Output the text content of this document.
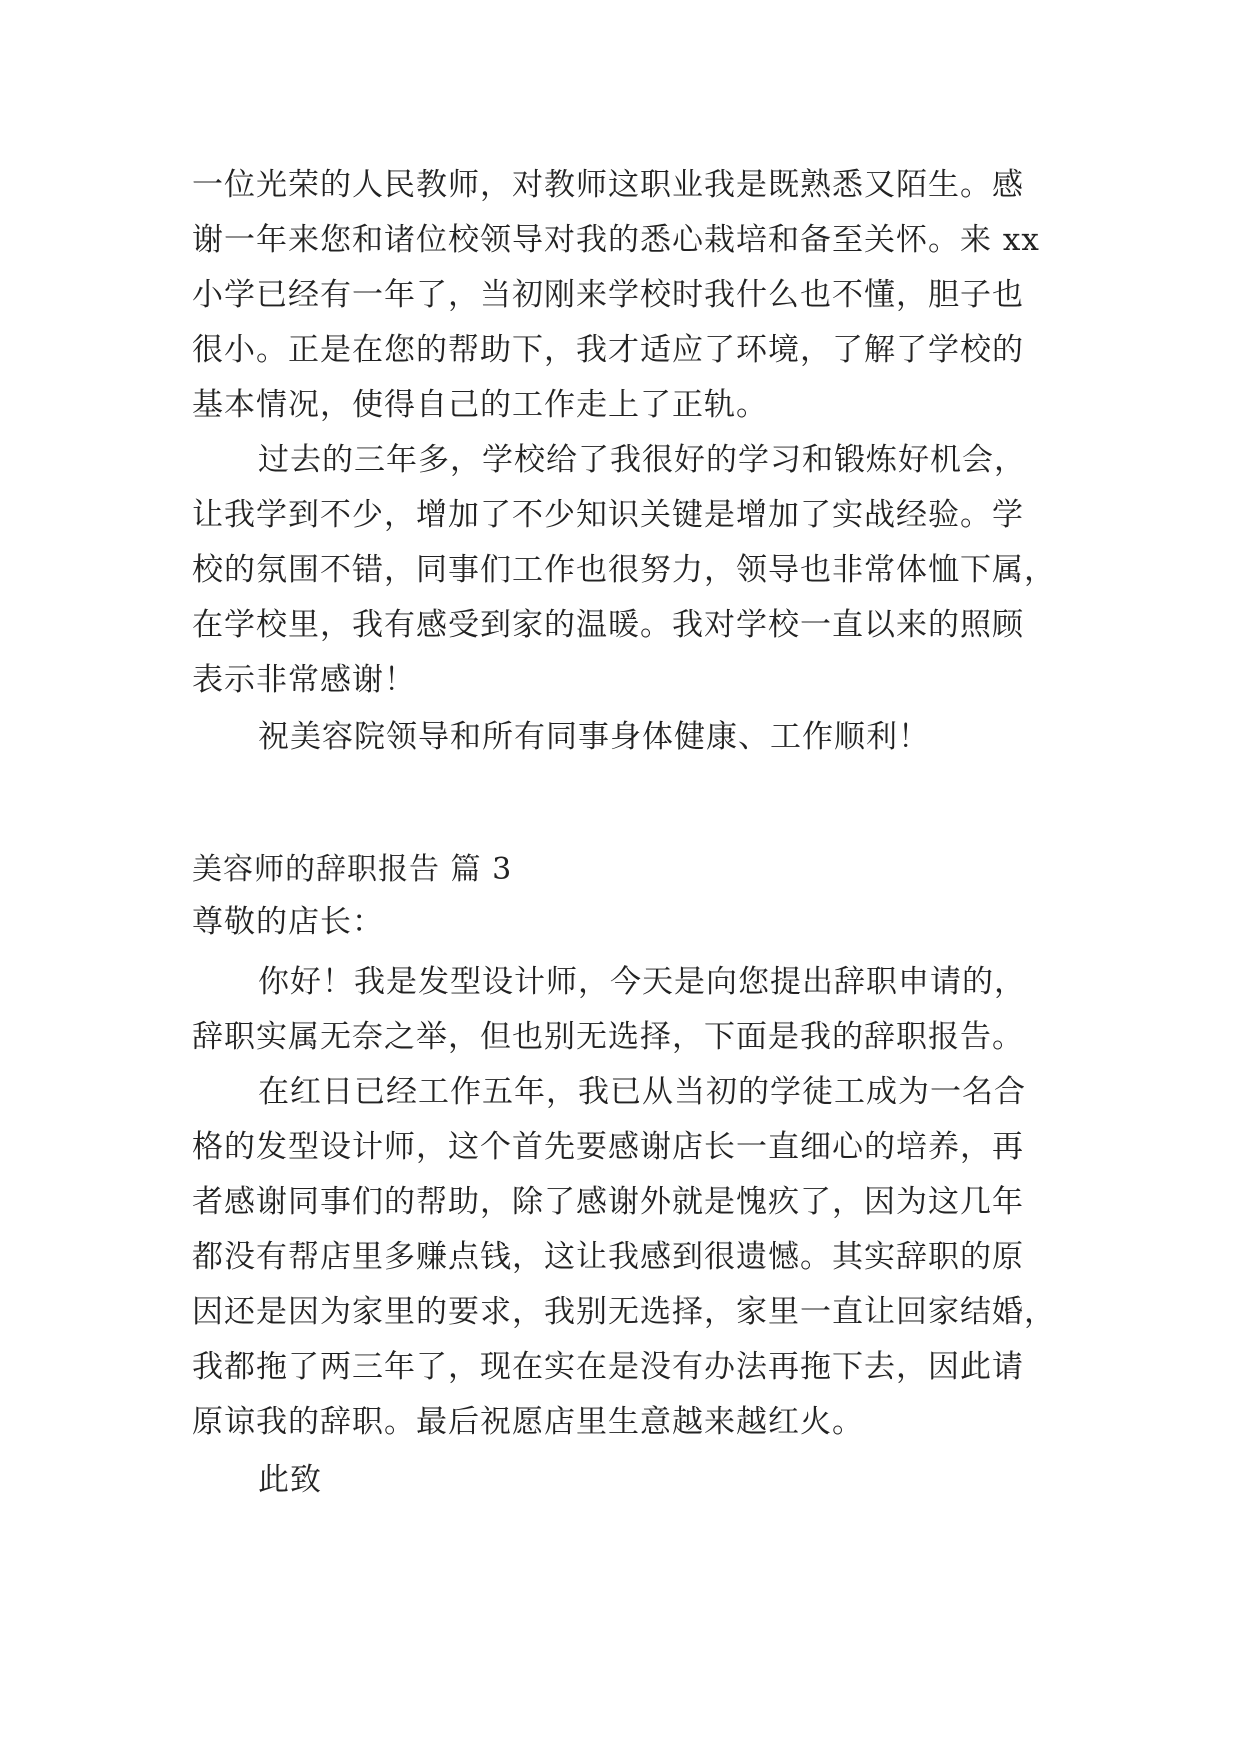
一位光荣的人民教师，对教师这职业我是既熟悉又陌生。感
谢一年来您和诸位校领导对我的悉心栽培和备至关怀。来 xx
小学已经有一年了，当初刚来学校时我什么也不懂，胆子也
很小。正是在您的帮助下，我才适应了环境，了解了学校的
基本情况，使得自己的工作走上了正轨。
过去的三年多，学校给了我很好的学习和锻炼好机会，
让我学到不少，增加了不少知识关键是增加了实战经验。学
校的氛围不错，同事们工作也很努力，领导也非常体恤下属，
在学校里，我有感受到家的温暖。我对学校一直以来的照顾
表示非常感谢！
祝美容院领导和所有同事身体健康、工作顺利！
美容师的辞职报告 篇 3
尊敬的店长：
你好！我是发型设计师，今天是向您提出辞职申请的，
辞职实属无奈之举，但也别无选择，下面是我的辞职报告。
在红日已经工作五年，我已从当初的学徒工成为一名合
格的发型设计师，这个首先要感谢店长一直细心的培养，再
者感谢同事们的帮助，除了感谢外就是愧疚了，因为这几年
都没有帮店里多赚点钱，这让我感到很遗憾。其实辞职的原
因还是因为家里的要求，我别无选择，家里一直让回家结婚，
我都拖了两三年了，现在实在是没有办法再拖下去，因此请
原谅我的辞职。最后祝愿店里生意越来越红火。
此致
